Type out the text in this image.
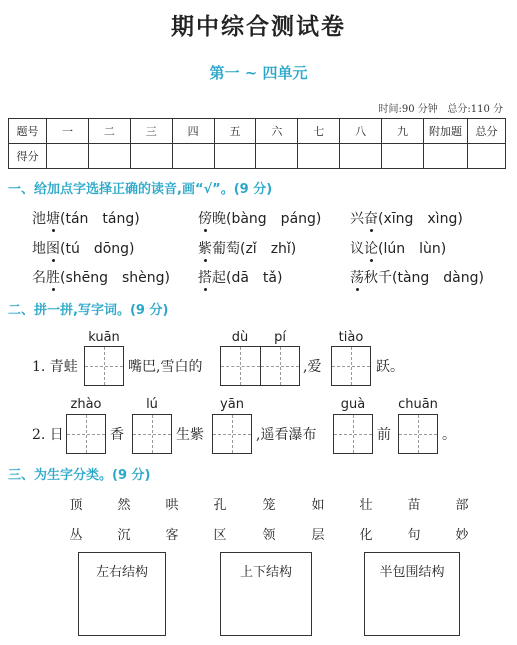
期中综合测试卷
第一 ~ 四单元
时间:90 分钟 总分:110 分
题号	一	二	三	四	五	六	七	八	九	附加题	总分
得分											
一、给加点字选择正确的读音,画“√”。(9 分)
池塘(tán　táng)	傍晚(bàng　páng) 兴奋(xīng　xìng)
地图(tú　dōng)	紫葡萄(zǐ　zhǐ)	议论(lún　lùn)
名胜(shēng　shèng) 搭起(dā　tǎ)	荡秋千(tàng　dàng)
二、拼一拼,写字词。(9 分)
kuān	dù	pí	tiào
1. 青蛙	嘴巴,雪白的	,爱	跃。
zhào	lú	yān	guà	chuān
2. 日	香	生紫	,遥看瀑布	前	。
三、为生字分类。(9 分)
顶	然	哄	孔	笼	如	壮	苗	部
丛	沉	客	区	领	层	化	句	妙
左右结构	上下结构	半包围结构
